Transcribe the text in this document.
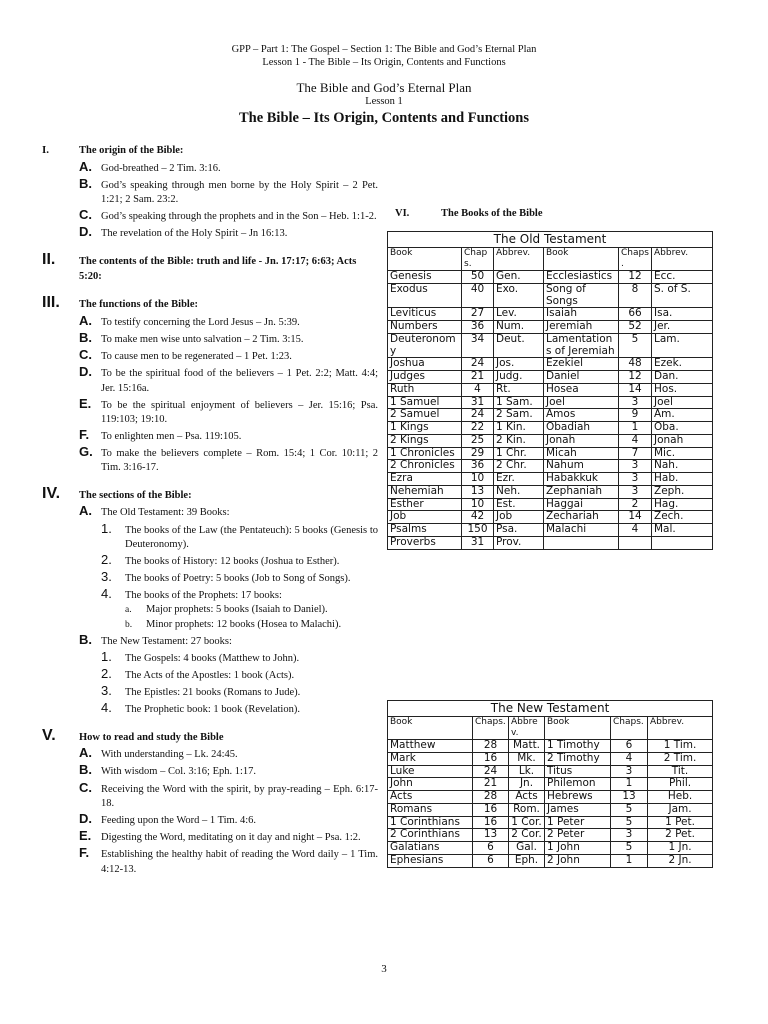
GPP – Part 1: The Gospel – Section 1: The Bible and God’s Eternal Plan
Lesson 1 - The Bible – Its Origin, Contents and Functions
The Bible and God’s Eternal Plan
Lesson 1
The Bible – Its Origin, Contents and Functions
I.	The origin of the Bible:
A. God-breathed – 2 Tim. 3:16.
B. God’s speaking through men borne by the Holy Spirit – 2 Pet. 1:21; 2 Sam. 23:2.
C. God’s speaking through the prophets and in the Son – Heb. 1:1-2.
D. The revelation of the Holy Spirit – Jn 16:13.
II.	The contents of the Bible: truth and life - Jn. 17:17; 6:63; Acts 5:20:
III.	The functions of the Bible:
A. To testify concerning the Lord Jesus – Jn. 5:39.
B. To make men wise unto salvation – 2 Tim. 3:15.
C. To cause men to be regenerated – 1 Pet. 1:23.
D. To be the spiritual food of the believers – 1 Pet. 2:2; Matt. 4:4; Jer. 15:16a.
E. To be the spiritual enjoyment of believers – Jer. 15:16; Psa. 119:103; 19:10.
F.	To enlighten men – Psa. 119:105.
G. To make the believers complete – Rom. 15:4; 1 Cor. 10:11; 2 Tim. 3:16-17.
IV.	The sections of the Bible:
A. The Old Testament: 39 Books:
1.	The books of the Law (the Pentateuch): 5 books (Genesis to Deuteronomy).
2.	The books of History: 12 books (Joshua to Esther).
3.	The books of Poetry: 5 books (Job to Song of Songs).
4.	The books of the Prophets: 17 books:
a.	Major prophets: 5 books (Isaiah to Daniel).
b.	Minor prophets: 12 books (Hosea to Malachi).
B. The New Testament: 27 books:
1.	The Gospels: 4 books (Matthew to John).
2.	The Acts of the Apostles: 1 book (Acts).
3.	The Epistles: 21 books (Romans to Jude).
4.	The Prophetic book: 1 book (Revelation).
V.	How to read and study the Bible
A. With understanding – Lk. 24:45.
B. With wisdom – Col. 3:16; Eph. 1:17.
C. Receiving the Word with the spirit, by pray-reading – Eph. 6:17-18.
D. Feeding upon the Word – 1 Tim. 4:6.
E. Digesting the Word, meditating on it day and night – Psa. 1:2.
F.	Establishing the healthy habit of reading the Word daily – 1 Tim. 4:12-13.
VI.	The Books of the Bible
The Old Testament					
Book	Chaps.	Abbrev.	Book	Chaps.	Abbrev.
Genesis	50	Gen.	Ecclesiastics	12	Ecc.
Exodus	40	Exo.	Song of Songs	8	S. of S.
Leviticus	27	Lev.	Isaiah	66	Isa.
Numbers	36	Num.	Jeremiah	52	Jer.
Deuteronomy	34	Deut.	Lamentations of Jeremiah	5	Lam.
Joshua	24	Jos.	Ezekiel	48	Ezek.
Judges	21	Judg.	Daniel	12	Dan.
Ruth	4	Rt.	Hosea	14	Hos.
1 Samuel	31	1 Sam.	Joel	3	Joel
2 Samuel	24	2 Sam.	Amos	9	Am.
1 Kings	22	1 Kin.	Obadiah	1	Oba.
2 Kings	25	2 Kin.	Jonah	4	Jonah
1 Chronicles	29	1 Chr.	Micah	7	Mic.
2 Chronicles	36	2 Chr.	Nahum	3	Nah.
Ezra	10	Ezr.	Habakkuk	3	Hab.
Nehemiah	13	Neh.	Zephaniah	3	Zeph.
Esther	10	Est.	Haggai	2	Hag.
Job	42	Job	Zechariah	14	Zech.
Psalms	150	Psa.	Malachi	4	Mal.
Proverbs	31	Prov.			
The New Testament					
Book	Chaps.	Abbrev.	Book	Chaps.	Abbrev.
Matthew	28	Matt.	1 Timothy	6	1 Tim.
Mark	16	Mk.	2 Timothy	4	2 Tim.
Luke	24	Lk.	Titus	3	Tit.
John	21	Jn.	Philemon	1	Phil.
Acts	28	Acts	Hebrews	13	Heb.
Romans	16	Rom.	James	5	Jam.
1 Corinthians	16	1 Cor.	1 Peter	5	1 Pet.
2 Corinthians	13	2 Cor.	2 Peter	3	2 Pet.
Galatians	6	Gal.	1 John	5	1 Jn.
Ephesians	6	Eph.	2 John	1	2 Jn.
3
